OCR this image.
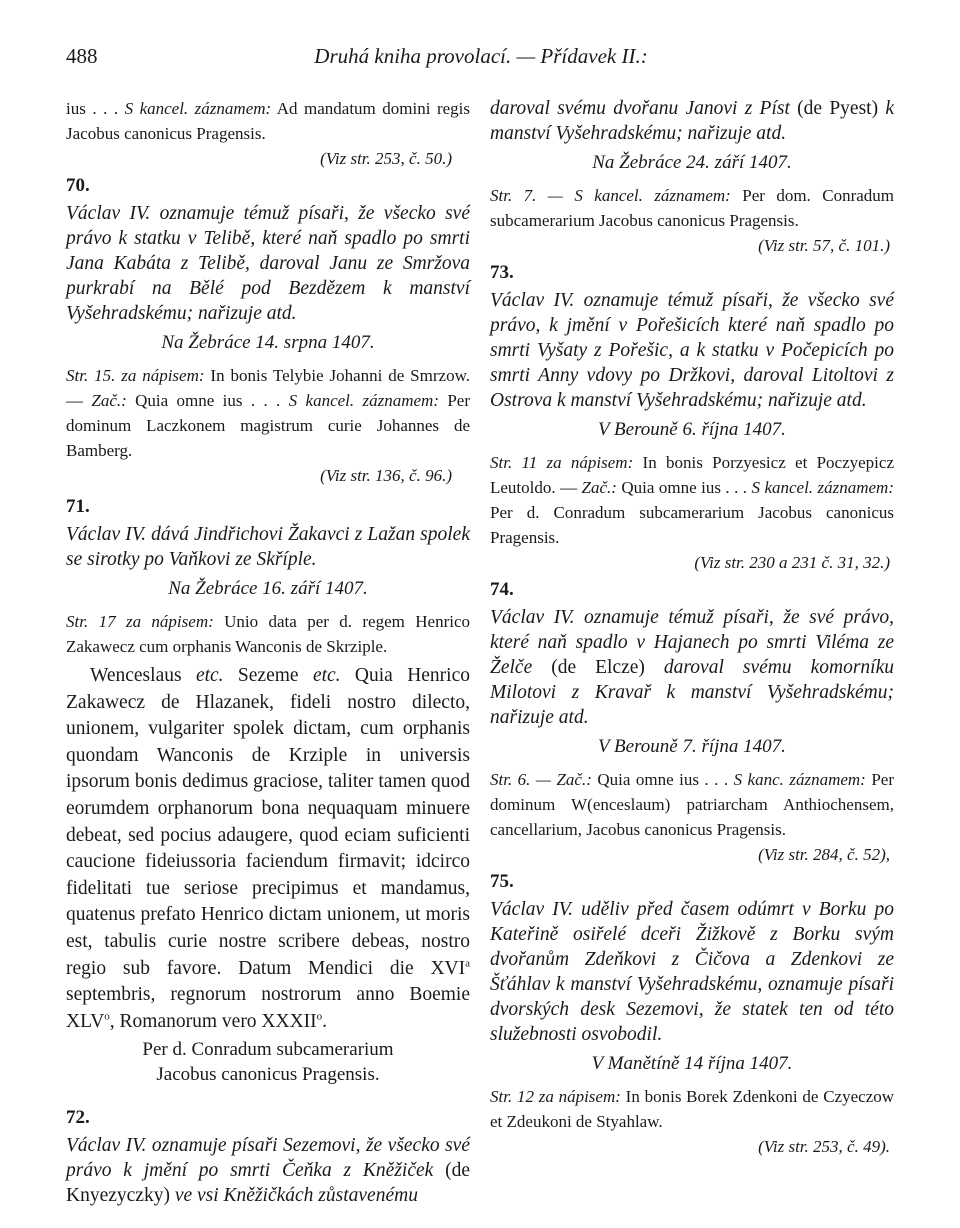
488	Druhá kniha provolací. — Přídavek II.:

ius . . . S kancel. záznamem: Ad mandatum domini regis Jacobus canonicus Pragensis.

(Viz str. 253, č. 50.)

70.

Václav IV. oznamuje témuž písaři, že všecko své právo k statku v Telibě, které naň spadlo po smrti Jana Kabáta z Telibě, daroval Janu ze Smržova purkrabí na Bělé pod Bezdězem k manství Vyšehradskému; nařizuje atd.

Na Žebráce 14. srpna 1407.

Str. 15. za nápisem: In bonis Telybie Johanni de Smrzow. — Zač.: Quia omne ius . . . S kancel. záznamem: Per dominum Laczkonem magistrum curie Johannes de Bamberg.

(Viz str. 136, č. 96.)

71.

Václav IV. dává Jindřichovi Žakavci z Lažan spolek se sirotky po Vaňkovi ze Skříple.

Na Žebráce 16. září 1407.

Str. 17 za nápisem: Unio data per d. regem Henrico Zakawecz cum orphanis Wanconis de Skrziple.

Wenceslaus etc. Sezeme etc. Quia Henrico Zakawecz de Hlazanek, fideli nostro dilecto, unionem, vulgariter spolek dictam, cum orphanis quondam Wanconis de Krziple in universis ipsorum bonis dedimus graciose, taliter tamen quod eorumdem orphanorum bona nequaquam minuere debeat, sed pocius adaugere, quod eciam suficienti caucione fideiussoria faciendum firmavit; idcirco fidelitati tue seriose precipimus et mandamus, quatenus prefato Henrico dictam unionem, ut moris est, tabulis curie nostre scribere debeas, nostro regio sub favore. Datum Mendici die XVI$^a$ septembris, regnorum nostrorum anno Boemie XLV$^o$, Romanorum vero XXXII$^o$.

Per d. Conradum subcamerarium

Jacobus canonicus Pragensis.

72.

Václav IV. oznamuje písaři Sezemovi, že všecko své právo k jmění po smrti Čeňka z Kněžiček (de Knyezyczky) ve vsi Kněžičkách zůstavenému

daroval svému dvořanu Janovi z Píst (de Pyest) k manství Vyšehradskému; nařizuje atd.

Na Žebráce 24. září 1407.

Str. 7. — S kancel. záznamem: Per dom. Conradum subcamerarium Jacobus canonicus Pragensis.

(Viz str. 57, č. 101.)

73.

Václav IV. oznamuje témuž písaři, že všecko své právo, k jmění v Pořešicích které naň spadlo po smrti Vyšaty z Pořešic, a k statku v Počepicích po smrti Anny vdovy po Držkovi, daroval Litoltovi z Ostrova k manství Vyšehradskému; nařizuje atd.

V Berouně 6. října 1407.

Str. 11 za nápisem: In bonis Porzyesicz et Poczyepicz Leutoldo. — Zač.: Quia omne ius . . . S kancel. záznamem: Per d. Conradum subcamerarium Jacobus canonicus Pragensis.

(Viz str. 230 a 231 č. 31, 32.)

74.

Václav IV. oznamuje témuž písaři, že své právo, které naň spadlo v Hajanech po smrti Viléma ze Želče (de Elcze) daroval svému komorníku Milotovi z Kravař k manství Vyšehradskému; nařizuje atd.

V Berouně 7. října 1407.

Str. 6. — Zač.: Quia omne ius . . . S kanc. záznamem: Per dominum W(enceslaum) patriarcham Anthiochensem, cancellarium, Jacobus canonicus Pragensis.

(Viz str. 284, č. 52),

75.

Václav IV. uděliv před časem odúmrt v Borku po Kateřině osiřelé dceři Žižkově z Borku svým dvořanům Zdeňkovi z Čičova a Zdenkovi ze Šťáhlav k manství Vyšehradskému, oznamuje písaři dvorských desk Sezemovi, že statek ten od této služebnosti osvobodil.

V Manětíně 14 října 1407.

Str. 12 za nápisem: In bonis Borek Zdenkoni de Czyeczow et Zdeukoni de Styahlaw.

(Viz str. 253, č. 49).
